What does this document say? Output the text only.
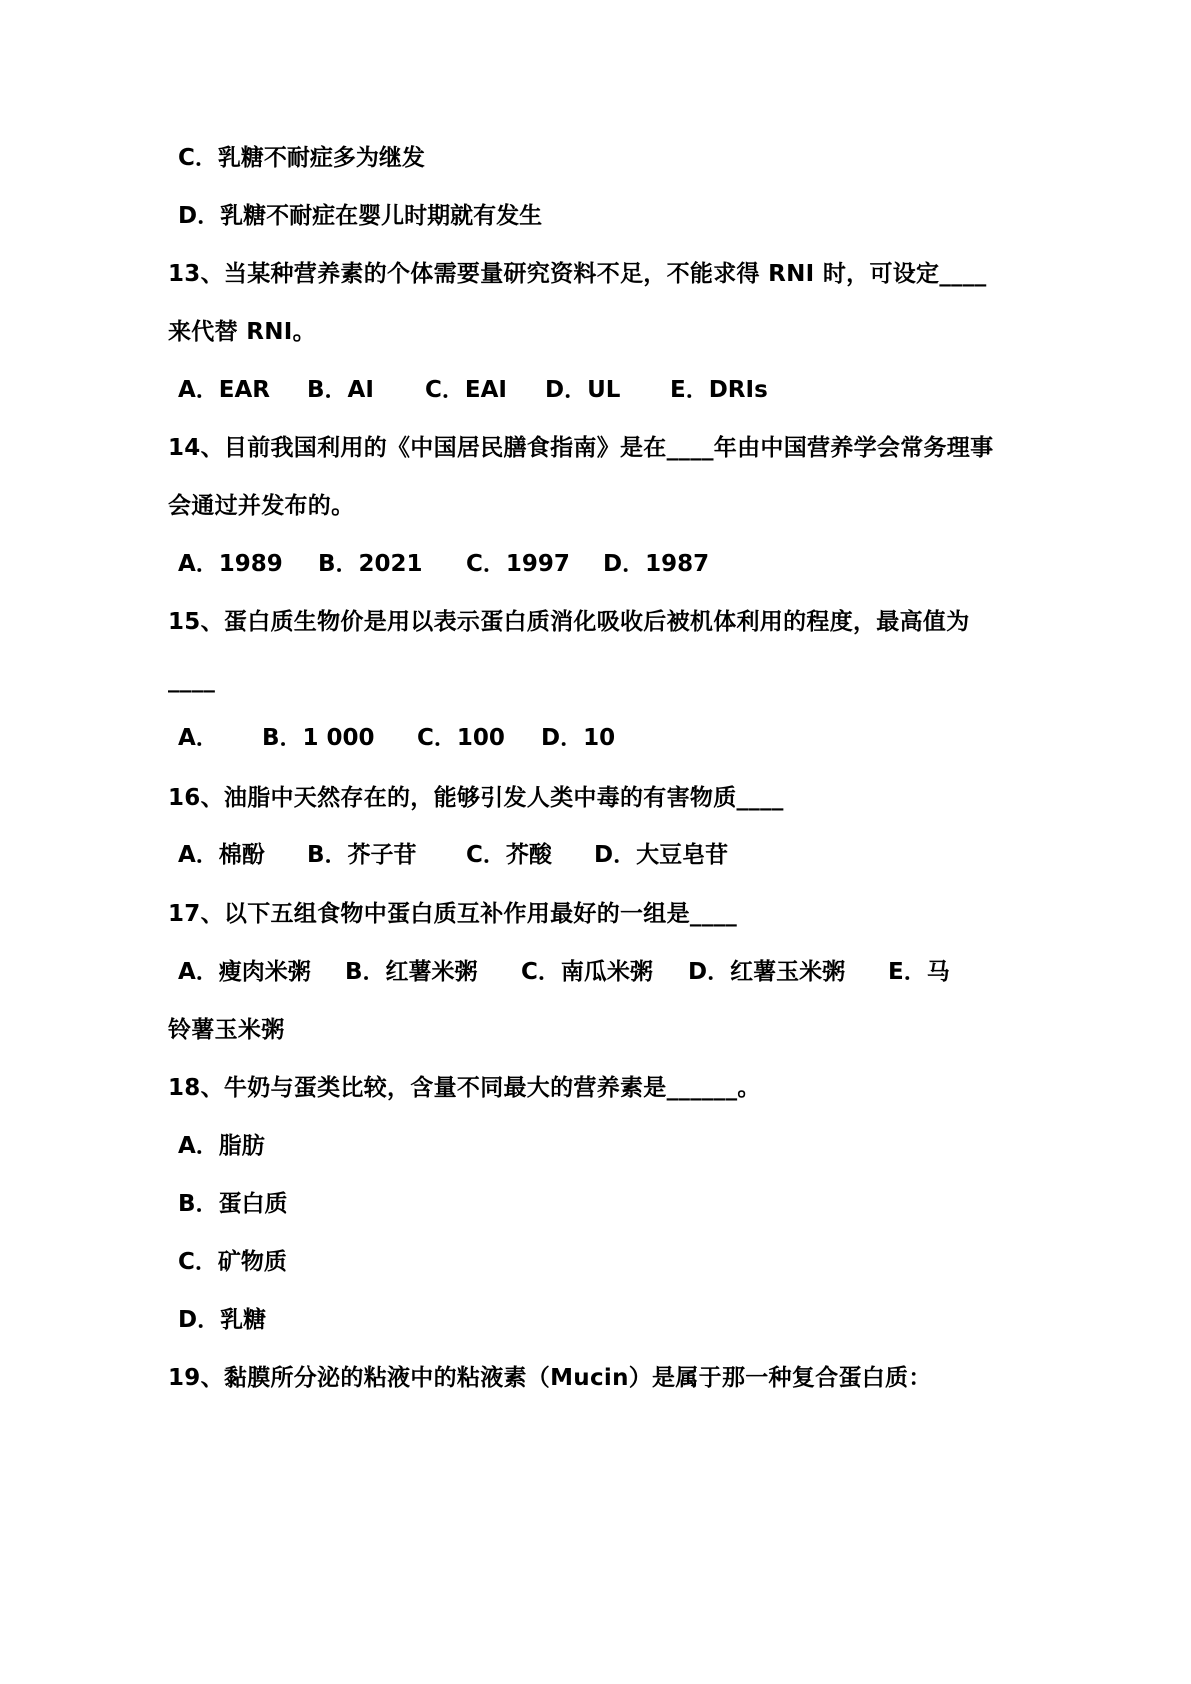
C．乳糖不耐症多为继发
D．乳糖不耐症在婴儿时期就有发生
13、当某种营养素的个体需要量研究资料不足，不能求得 RNI 时，可设定____
来代替 RNI。
A．EAR B．AI C．EAI D．UL E．DRIs
14、目前我国利用的《中国居民膳食指南》是在____年由中国营养学会常务理事
会通过并发布的。
A．1989 B．2021 C．1997 D．1987
15、蛋白质生物价是用以表示蛋白质消化吸收后被机体利用的程度，最高值为
____
A． B．1 000 C．100 D．10
16、油脂中天然存在的，能够引发人类中毒的有害物质____
A．棉酚 B．芥子苷 C．芥酸 D．大豆皂苷
17、以下五组食物中蛋白质互补作用最好的一组是____
A．瘦肉米粥 B．红薯米粥 C．南瓜米粥 D．红薯玉米粥 E．马
铃薯玉米粥
18、牛奶与蛋类比较，含量不同最大的营养素是______。
A．脂肪
B．蛋白质
C．矿物质
D．乳糖
19、黏膜所分泌的粘液中的粘液素（Mucin）是属于那一种复合蛋白质：
